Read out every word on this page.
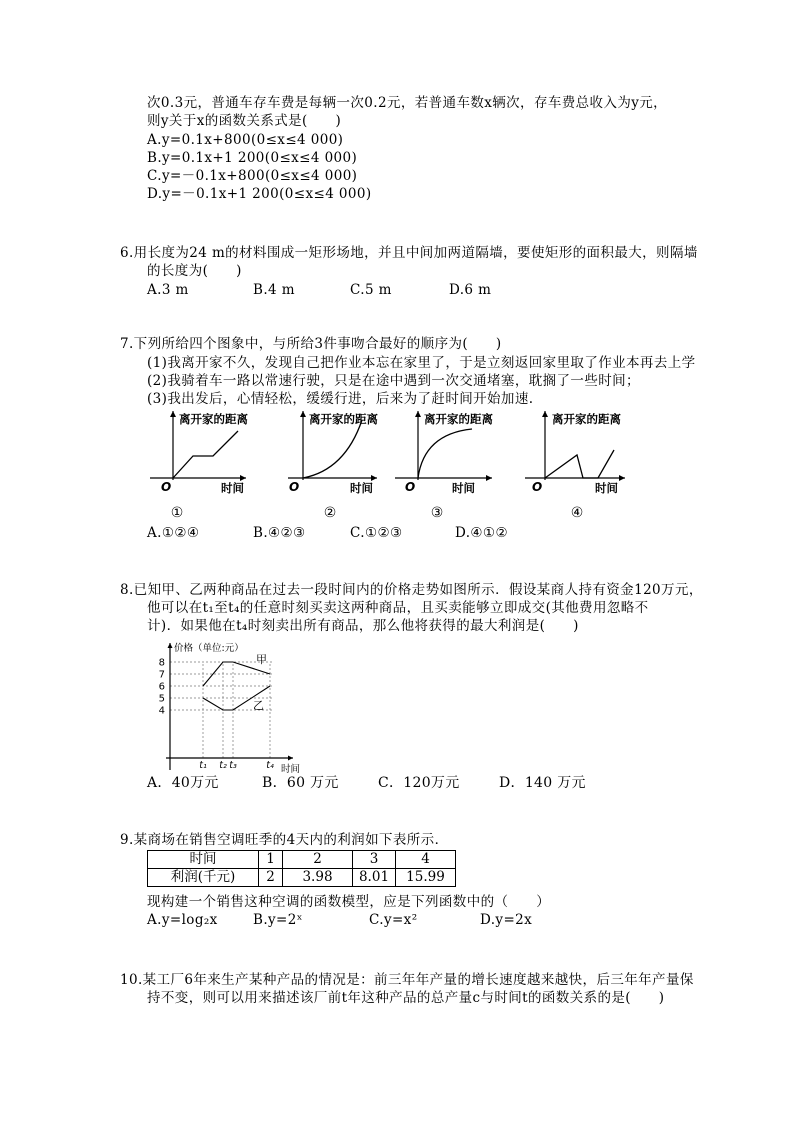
次0.3元，普通车存车费是每辆一次0.2元，若普通车数x辆次，存车费总收入为y元，
则y关于x的函数关系式是(　　)
A.y=0.1x+800(0≤x≤4 000)
B.y=0.1x+1 200(0≤x≤4 000)
C.y=－0.1x+800(0≤x≤4 000)
D.y=－0.1x+1 200(0≤x≤4 000)
6.用长度为24 m的材料围成一矩形场地，并且中间加两道隔墙，要使矩形的面积最大，则隔墙
的长度为(　　)
A.3 m	B.4 m	C.5 m	D.6 m
7.下列所给四个图象中，与所给3件事吻合最好的顺序为(　　)
(1)我离开家不久，发现自己把作业本忘在家里了，于是立刻返回家里取了作业本再去上学
(2)我骑着车一路以常速行驶，只是在途中遇到一次交通堵塞，耽搁了一些时间；
(3)我出发后，心情轻松，缓缓行进，后来为了赶时间开始加速.
离开家的距离
O	时间
①
离开家的距离
O	时间
②
离开家的距离
O	时间
③
离开家的距离
O	时间
④
A.①②④	B.④②③	C.①②③	D.④①②
8.已知甲、乙两种商品在过去一段时间内的价格走势如图所示．假设某商人持有资金120万元，
他可以在t₁至t₄的任意时刻买卖这两种商品，且买卖能够立即成交(其他费用忽略不
计)．如果他在t₄时刻卖出所有商品，那么他将获得的最大利润是(　　)
价格（单位:元）
时间
4
5
6
7
8
t₁ t₂ t₃	t₄
甲
乙
A．40万元	B．60 万元	C．120万元	D．140 万元
9.某商场在销售空调旺季的4天内的利润如下表所示．
时间	1	2	3	4
利润(千元)	2	3.98	8.01	15.99
现构建一个销售这种空调的函数模型，应是下列函数中的（　　）
A.y=log₂x	B.y=2ˣ	C.y=x²	D.y=2x
10.某工厂6年来生产某种产品的情况是：前三年年产量的增长速度越来越快，后三年年产量保
持不变，则可以用来描述该厂前t年这种产品的总产量c与时间t的函数关系的是(　　)
